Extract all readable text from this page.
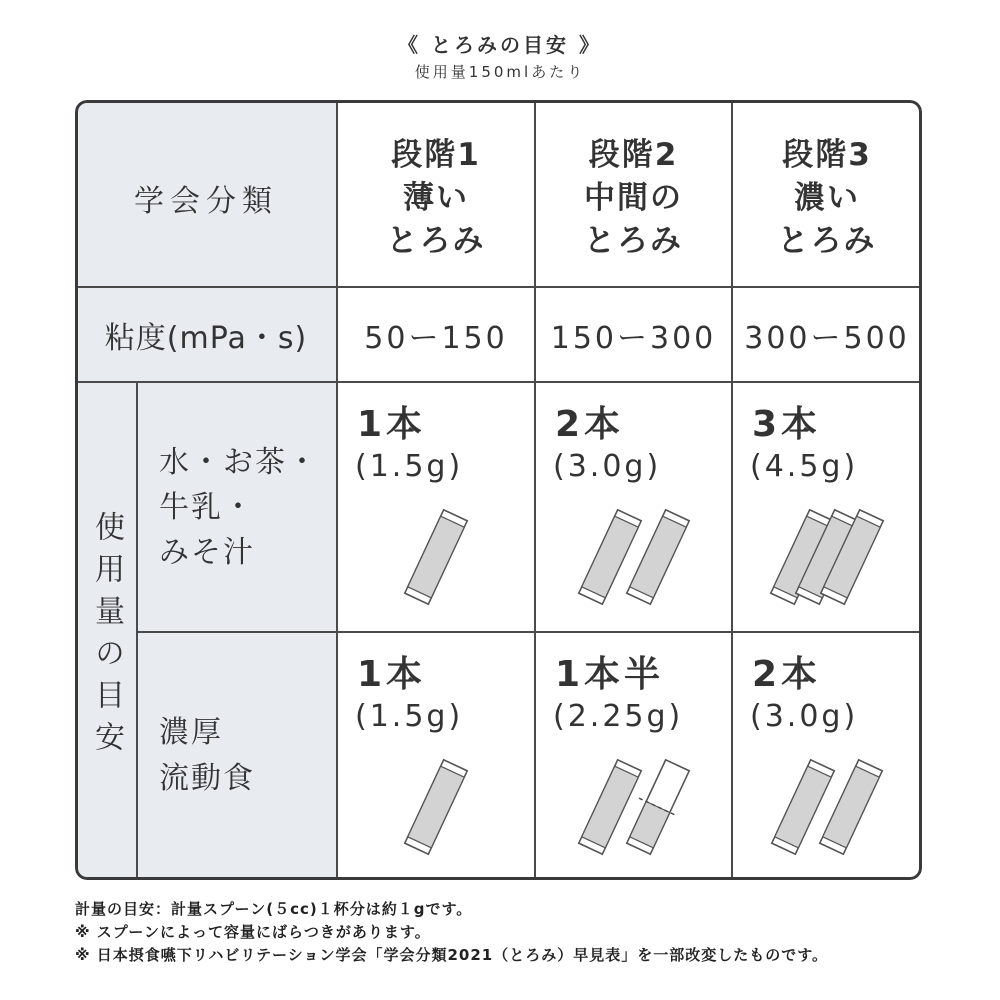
《 とろみの目安 》
使用量150mlあたり
学会分類
段階1
薄い
とろみ
段階2
中間の
とろみ
段階3
濃い
とろみ
粘度(mPa・s)	50ー150	150ー300 300ー500
使用量の目安
水・お茶・
牛乳・
みそ汁
1本
(1.5g)
2本
(3.0g)
3本
(4.5g)
濃厚
流動食
1本
(1.5g)
1本半
(2.25g)
2本
(3.0g)
計量の目安：計量スプーン(５cc)１杯分は約１gです。
※ スプーンによって容量にばらつきがあります。
※ 日本摂食嚥下リハビリテーション学会「学会分類2021（とろみ）早見表」を一部改変したものです。
